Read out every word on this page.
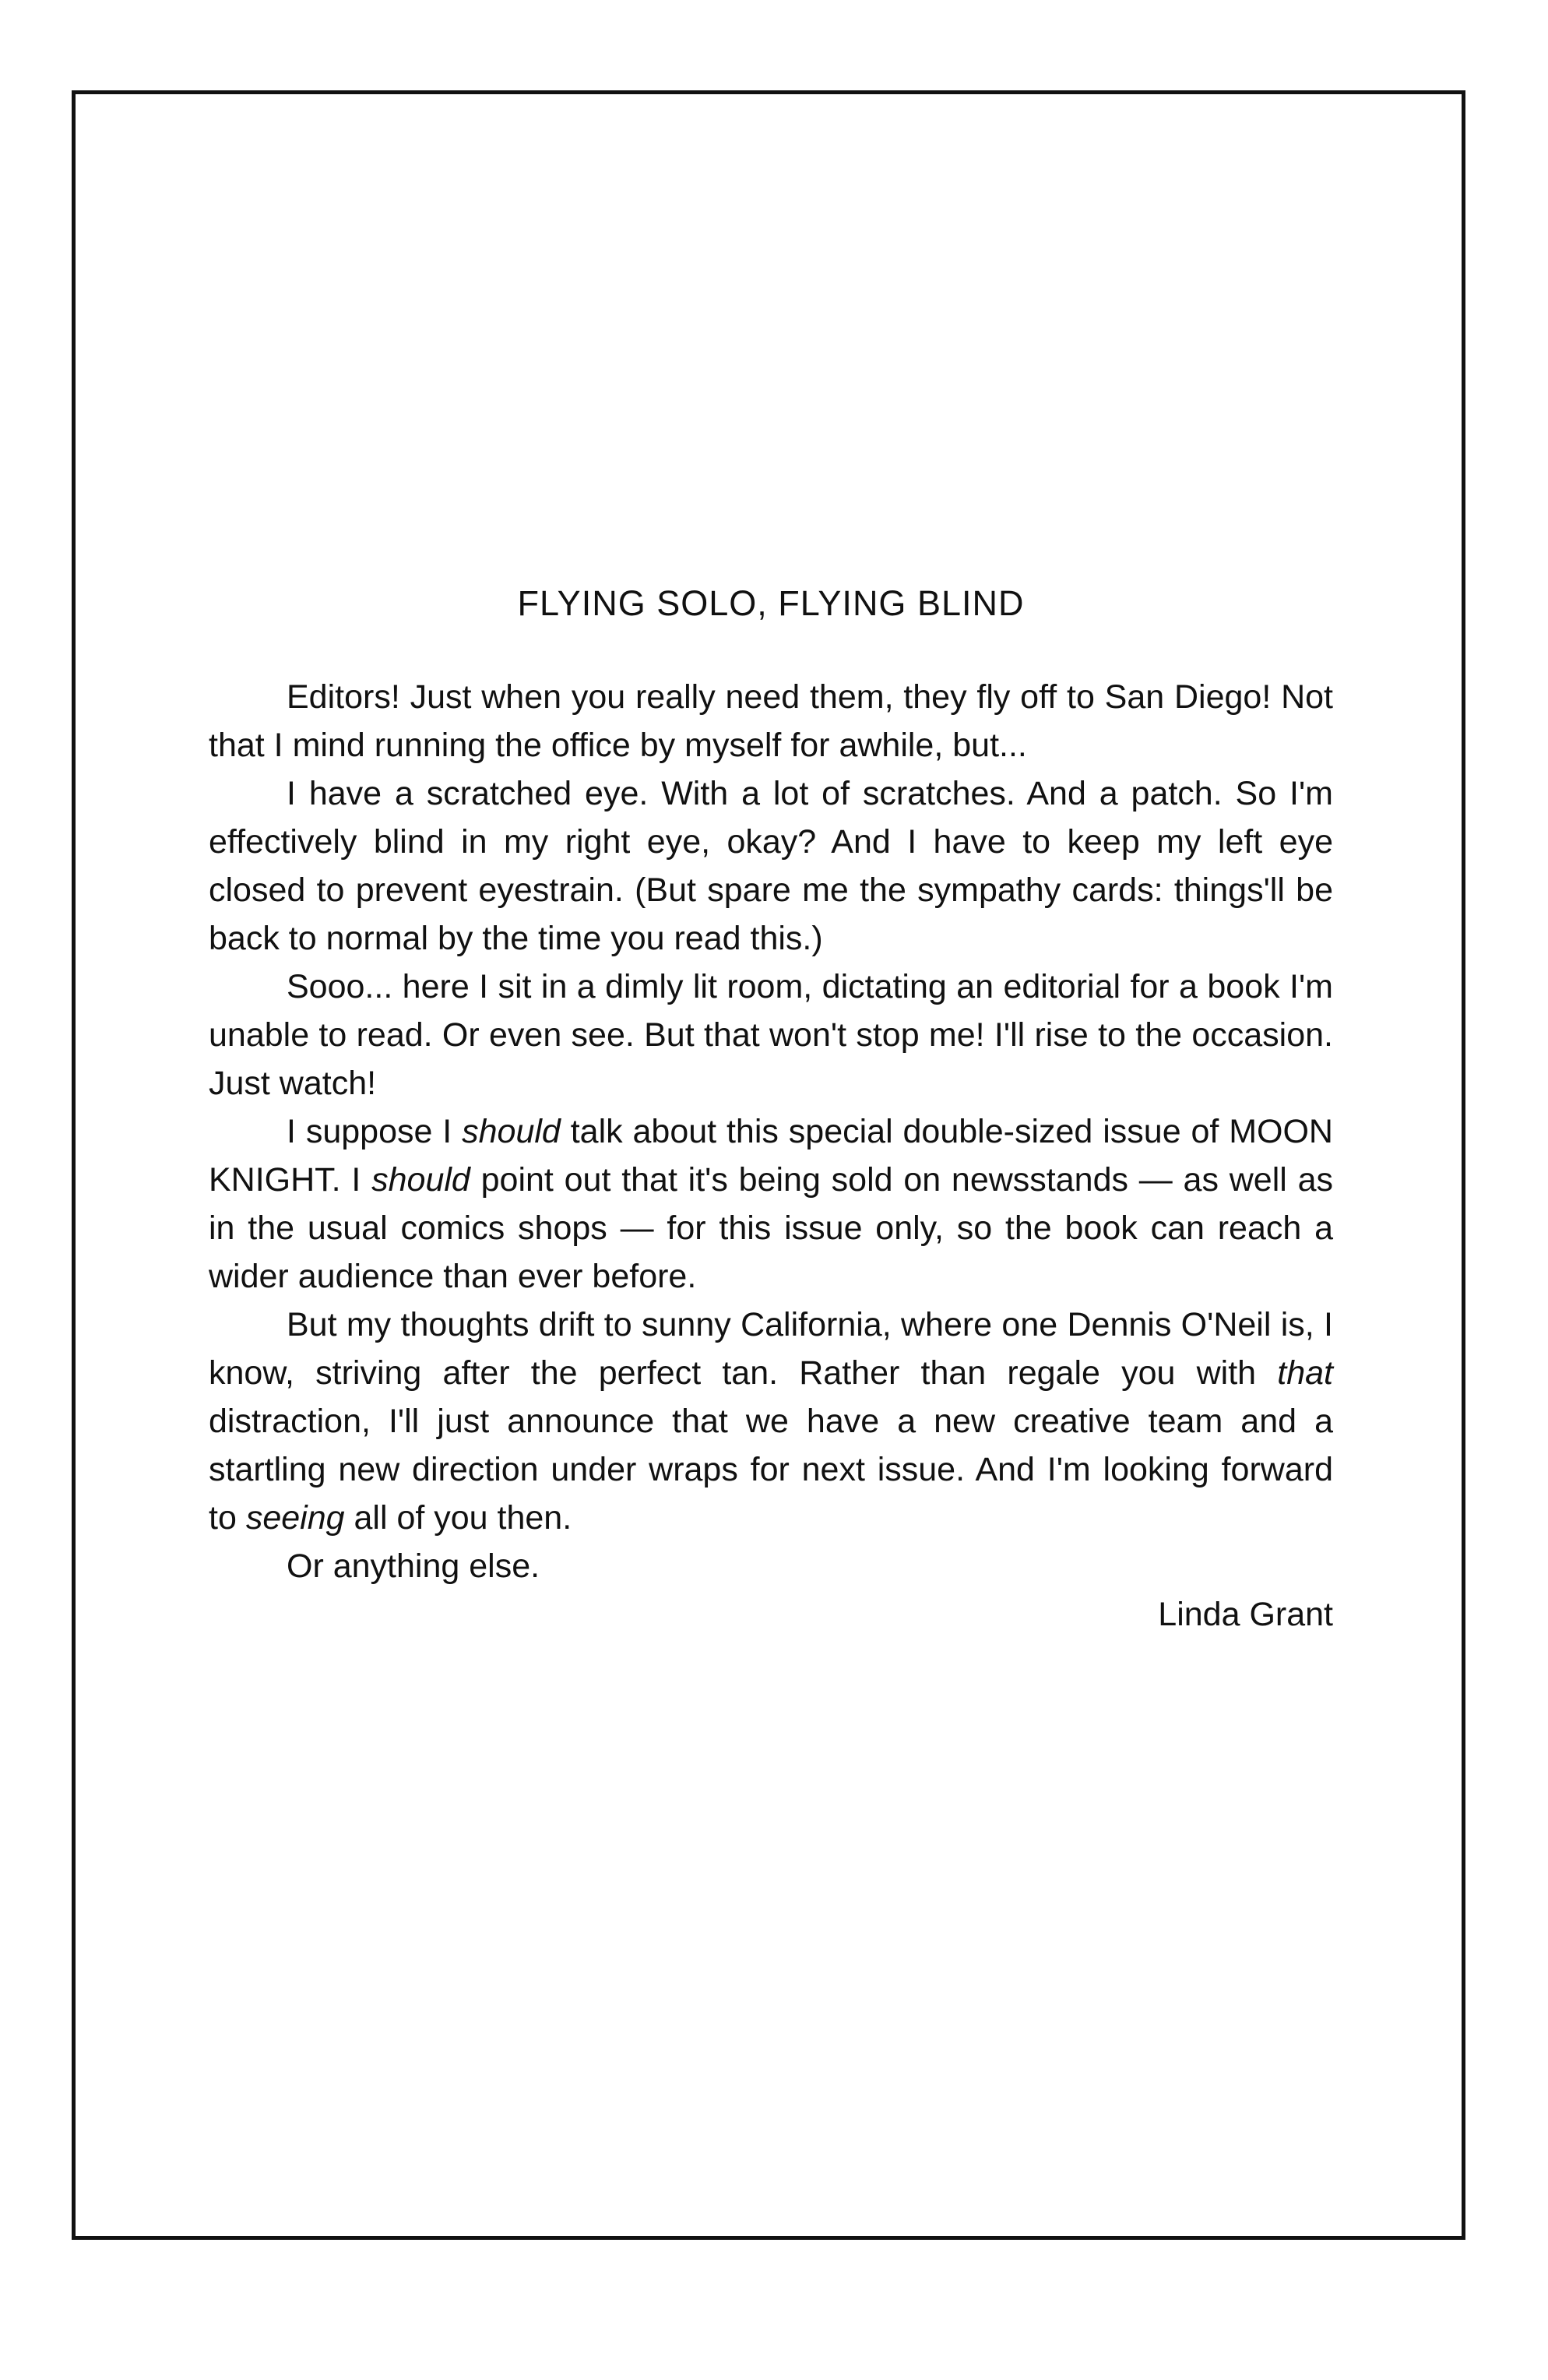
FLYING SOLO, FLYING BLIND

Editors! Just when you really need them, they fly off to San Diego! Not that I mind running the office by myself for awhile, but...

I have a scratched eye. With a lot of scratches. And a patch. So I'm effectively blind in my right eye, okay? And I have to keep my left eye closed to prevent eyestrain. (But spare me the sympathy cards: things'll be back to normal by the time you read this.)

Sooo... here I sit in a dimly lit room, dictating an editorial for a book I'm unable to read. Or even see. But that won't stop me! I'll rise to the occasion. Just watch!

I suppose I should talk about this special double-sized issue of MOON KNIGHT. I should point out that it's being sold on newsstands — as well as in the usual comics shops — for this issue only, so the book can reach a wider audience than ever before.

But my thoughts drift to sunny California, where one Dennis O'Neil is, I know, striving after the perfect tan. Rather than regale you with that distraction, I'll just announce that we have a new creative team and a startling new direction under wraps for next issue. And I'm looking forward to seeing all of you then.

Or anything else.

Linda Grant
